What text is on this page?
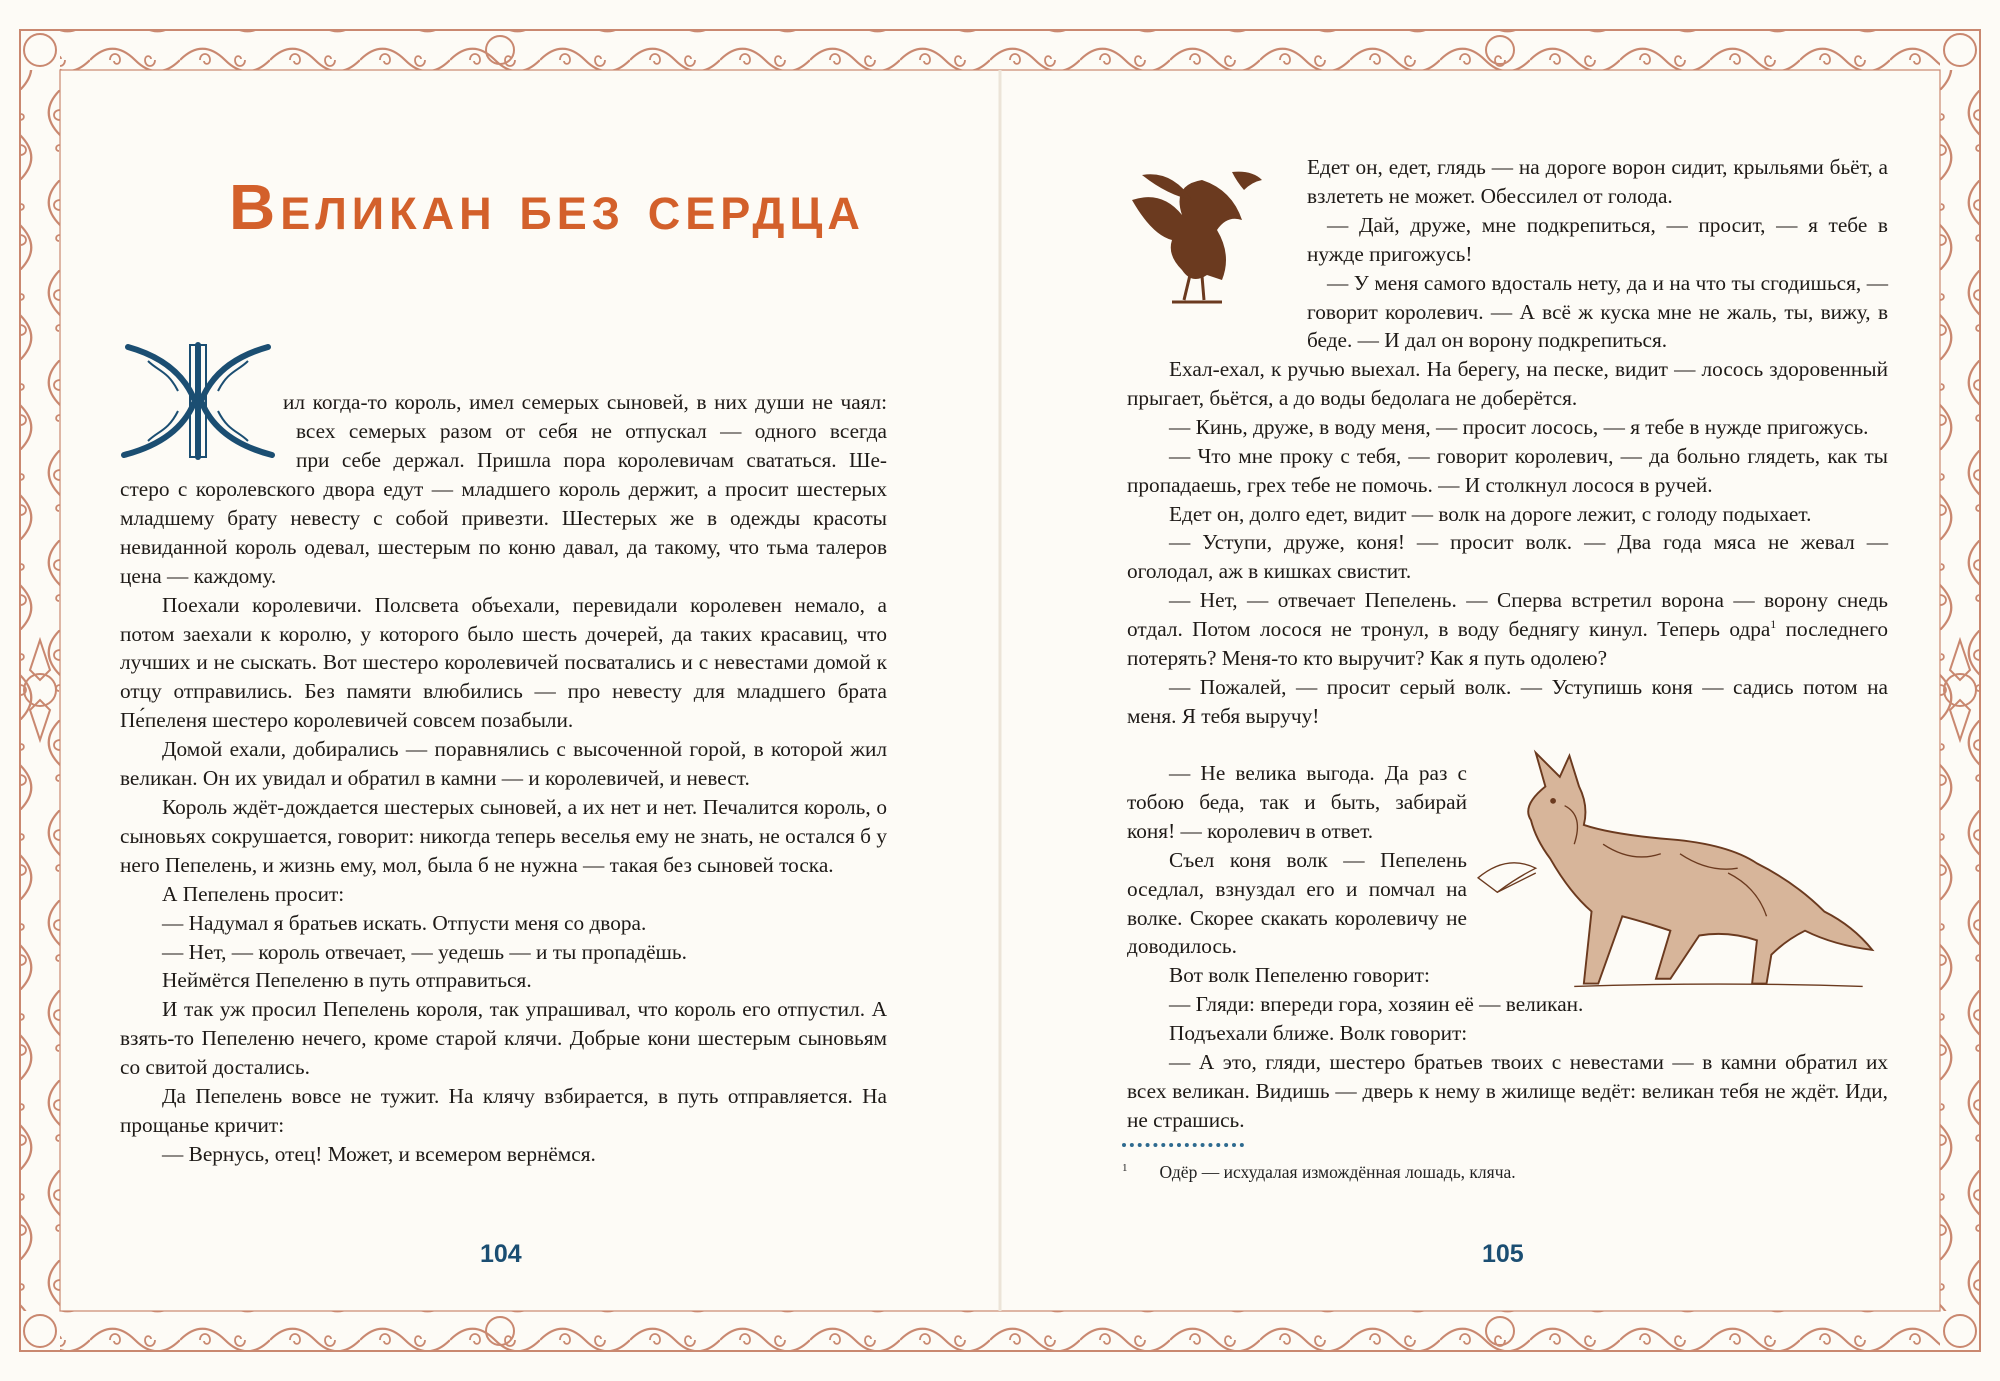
Великан без сердца

ил когда-то король, имел семерых сыновей, в них души не чаял:

всех семерых разом от себя не отпускал — одного всегда

при себе держал. Пришла пора королевичам свататься. Ше-

стеро с королевского двора едут — младшего король держит, а просит шестерых младшему брату невесту с собой привезти. Шестерых же в одежды красоты невиданной король одевал, шестерым по коню давал, да такому, что тьма талеров цена — каждому.

Поехали королевичи. Полсвета объехали, перевидали королевен немало, а потом заехали к королю, у которого было шесть дочерей, да таких красавиц, что лучших и не сыскать. Вот шестеро королевичей посватались и с невестами домой к отцу отправились. Без памяти влюбились — про невесту для младшего брата Пе́пеленя шестеро королевичей совсем позабыли.

Домой ехали, добирались — поравнялись с высоченной горой, в которой жил великан. Он их увидал и обратил в камни — и королевичей, и невест.

Король ждёт-дождается шестерых сыновей, а их нет и нет. Печалится король, о сыновьях сокрушается, говорит: никогда теперь веселья ему не знать, не остался б у него Пепелень, и жизнь ему, мол, была б не нужна — такая без сыновей тоска.

А Пепелень просит:

— Надумал я братьев искать. Отпусти меня со двора.

— Нет, — король отвечает, — уедешь — и ты пропадёшь.

Неймётся Пепеленю в путь отправиться.

И так уж просил Пепелень короля, так упрашивал, что король его отпустил. А взять-то Пепеленю нечего, кроме старой клячи. Добрые кони шестерым сыновьям со свитой достались.

Да Пепелень вовсе не тужит. На клячу взбирается, в путь отправляется. На прощанье кричит:

— Вернусь, отец! Может, и всемером вернёмся.

104

Едет он, едет, глядь — на дороге ворон сидит, крыльями бьёт, а взлететь не может. Обессилел от голода.

— Дай, друже, мне подкрепиться, — просит, — я тебе в нужде пригожусь!

— У меня самого вдосталь нету, да и на что ты сгодишься, — говорит королевич. — А всё ж куска мне не жаль, ты, вижу, в беде. — И дал он ворону подкрепиться.

Ехал-ехал, к ручью выехал. На берегу, на песке, видит — лосось здоровенный прыгает, бьётся, а до воды бедолага не доберётся.

— Кинь, друже, в воду меня, — просит лосось, — я тебе в нужде пригожусь.

— Что мне проку с тебя, — говорит королевич, — да больно глядеть, как ты пропадаешь, грех тебе не помочь. — И столкнул лосося в ручей.

Едет он, долго едет, видит — волк на дороге лежит, с голоду подыхает.

— Уступи, друже, коня! — просит волк. — Два года мяса не жевал — оголодал, аж в кишках свистит.

— Нет, — отвечает Пепелень. — Сперва встретил ворона — ворону снедь отдал. Потом лосося не тронул, в воду беднягу кинул. Теперь одра$^1$ последнего потерять? Меня-то кто выручит? Как я путь одолею?

— Пожалей, — просит серый волк. — Уступишь коня — садись потом на меня. Я тебя выручу!

— Не велика выгода. Да раз с тобою беда, так и быть, забирай коня! — королевич в ответ.

Съел коня волк — Пепелень оседлал, взнуздал его и помчал на волке. Скорее скакать королевичу не доводилось.

Вот волк Пепеленю говорит:

— Гляди: впереди гора, хозяин её — великан.

Подъехали ближе. Волк говорит:

— А это, гляди, шестеро братьев твоих с невестами — в камни обратил их всех великан. Видишь — дверь к нему в жилище ведёт: великан тебя не ждёт. Иди, не страшись.

105
$^1$ Одёр — исхудалая измождённая лошадь, кляча.
